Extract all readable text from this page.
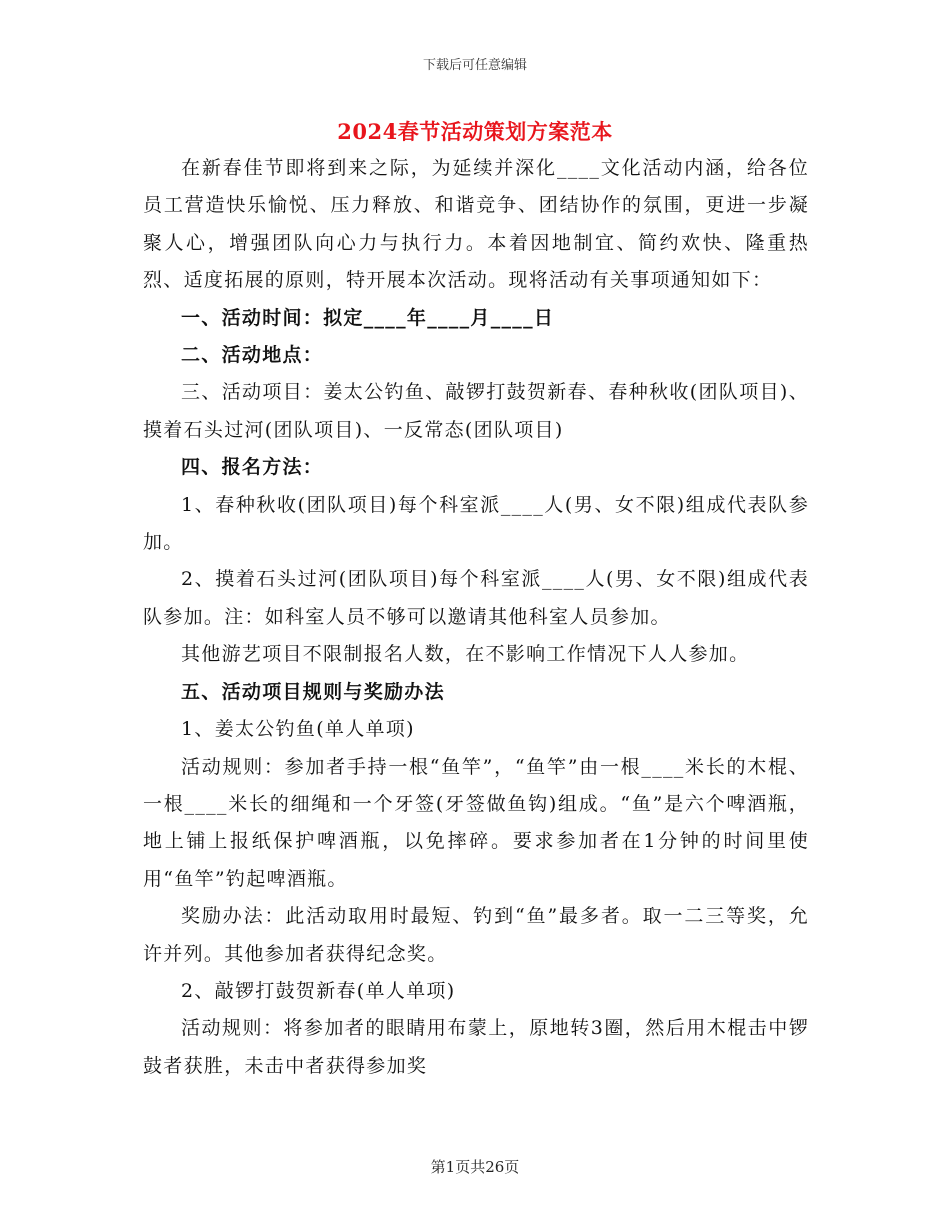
下载后可任意编辑
2024春节活动策划方案范本

在新春佳节即将到来之际，为延续并深化____文化活动内涵，给各位员工营造快乐愉悦、压力释放、和谐竞争、团结协作的氛围，更进一步凝聚人心，增强团队向心力与执行力。本着因地制宜、简约欢快、隆重热烈、适度拓展的原则，特开展本次活动。现将活动有关事项通知如下：

一、活动时间：拟定____年____月____日

二、活动地点：

三、活动项目：姜太公钓鱼、敲锣打鼓贺新春、春种秋收(团队项目)、摸着石头过河(团队项目)、一反常态(团队项目)

四、报名方法：

1、春种秋收(团队项目)每个科室派____人(男、女不限)组成代表队参加。

2、摸着石头过河(团队项目)每个科室派____人(男、女不限)组成代表队参加。注：如科室人员不够可以邀请其他科室人员参加。

其他游艺项目不限制报名人数，在不影响工作情况下人人参加。

五、活动项目规则与奖励办法

1、姜太公钓鱼(单人单项)

活动规则：参加者手持一根“鱼竿”，“鱼竿”由一根____米长的木棍、一根____米长的细绳和一个牙签(牙签做鱼钩)组成。“鱼”是六个啤酒瓶，地上铺上报纸保护啤酒瓶，以免摔碎。要求参加者在1分钟的时间里使用“鱼竿”钓起啤酒瓶。

奖励办法：此活动取用时最短、钓到“鱼”最多者。取一二三等奖，允许并列。其他参加者获得纪念奖。

2、敲锣打鼓贺新春(单人单项)

活动规则：将参加者的眼睛用布蒙上，原地转3圈，然后用木棍击中锣鼓者获胜，未击中者获得参加奖

第1页共26页
